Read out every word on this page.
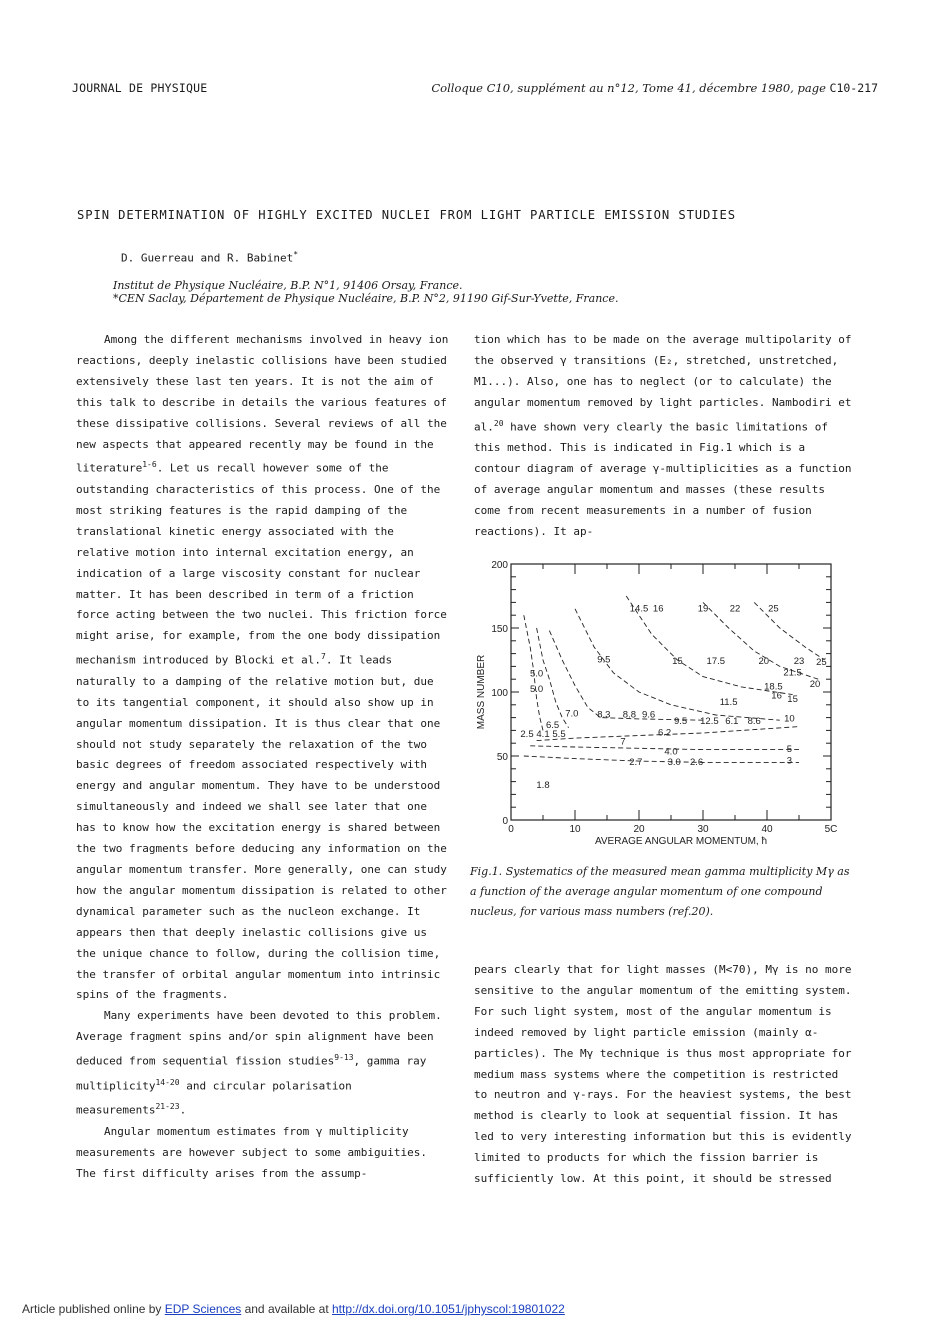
JOURNAL DE PHYSIQUE	Colloque C10, supplément au n°12, Tome 41, décembre 1980, page C10-217
SPIN DETERMINATION OF HIGHLY EXCITED NUCLEI FROM LIGHT PARTICLE EMISSION STUDIES
D. Guerreau and R. Babinet*
Institut de Physique Nucléaire, B.P. N°1, 91406 Orsay, France.
*CEN Saclay, Département de Physique Nucléaire, B.P. N°2, 91190 Gif-Sur-Yvette, France.

Among the different mechanisms involved in heavy ion reactions, deeply inelastic collisions have been studied extensively these last ten years. It is not the aim of this talk to describe in details the various features of these dissipative collisions. Several reviews of all the new aspects that appeared recently may be found in the literature$^{1-6}$. Let us recall however some of the outstanding characteristics of this process. One of the most striking features is the rapid damping of the translational kinetic energy associated with the relative motion into internal excitation energy, an indication of a large viscosity constant for nuclear matter. It has been described in term of a friction force acting between the two nuclei. This friction force might arise, for example, from the one body dissipation mechanism introduced by Blocki et al.$^7$. It leads naturally to a damping of the relative motion but, due to its tangential component, it should also show up in angular momentum dissipation. It is thus clear that one should not study separately the relaxation of the two basic degrees of freedom associated respectively with energy and angular momentum. They have to be understood simultaneously and indeed we shall see later that one has to know how the excitation energy is shared between the two fragments before deducing any information on the angular momentum transfer. More generally, one can study how the angular momentum dissipation is related to other dynamical parameter such as the nucleon exchange. It appears then that deeply inelastic collisions give us the unique chance to follow, during the collision time, the transfer of orbital angular momentum into intrinsic spins of the fragments.

Many experiments have been devoted to this problem. Average fragment spins and/or spin alignment have been deduced from sequential fission studies$^{9-13}$, gamma ray multiplicity$^{14-20}$ and circular polarisation measurements$^{21-23}$.

Angular momentum estimates from γ multiplicity measurements are however subject to some ambiguities. The first difficulty arises from the assump-

tion which has to be made on the average multipolarity of the observed γ transitions (E₂, stretched, unstretched, M1...). Also, one has to neglect (or to calculate) the angular momentum removed by light particles. Nambodiri et al.$^{20}$ have shown very clearly the basic limitations of this method. This is indicated in Fig.1 which is a contour diagram of average γ-multiplicities as a function of average angular momentum and masses (these results come from recent measurements in a number of fusion reactions). It ap-

0	10	20	30	40	5C
0
50
100
150
200
AVERAGE ANGULAR MOMENTUM, ħ
MASS NUMBER
14.5 16	19 22	25
9.5	15	17.5	20	23 25
21.5
18.5	20
16 15
11.5
5.0
5.0
7.0 8.3 8.8 9.6
6.5	9.5 12.5 6.1 8.6 10
2.5 4.1 5.5	6.2
7
4.0	5
3
2.7	3.0 2.6
1.8
Fig.1. Systematics of the measured mean gamma multiplicity Mγ as a function of the average angular momentum of one compound nucleus, for various mass numbers (ref.20).

pears clearly that for light masses (M<70), Mγ is no more sensitive to the angular momentum of the emitting system. For such light system, most of the angular momentum is indeed removed by light particle emission (mainly α-particles). The Mγ technique is thus most appropriate for medium mass systems where the competition is restricted to neutron and γ-rays. For the heaviest systems, the best method is clearly to look at sequential fission. It has led to very interesting information but this is evidently limited to products for which the fission barrier is sufficiently low. At this point, it should be stressed

Article published online by EDP Sciences and available at http://dx.doi.org/10.1051/jphyscol:19801022
